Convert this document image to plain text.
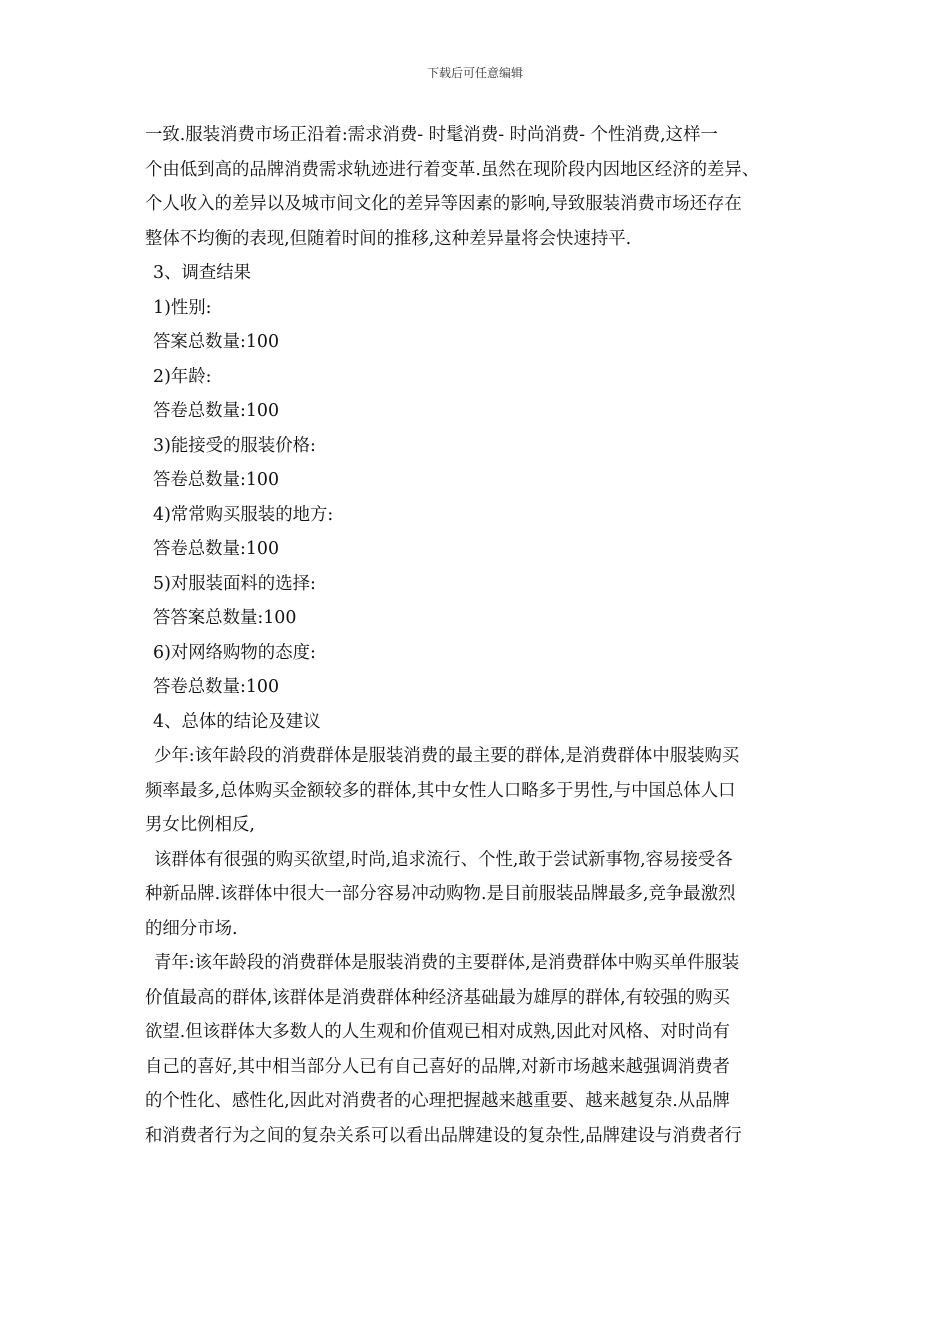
下载后可任意编辑
一致.服装消费市场正沿着:需求消费- 时髦消费- 时尚消费- 个性消费,这样一
个由低到高的品牌消费需求轨迹进行着变革.虽然在现阶段内因地区经济的差异、
个人收入的差异以及城市间文化的差异等因素的影响,导致服装消费市场还存在
整体不均衡的表现,但随着时间的推移,这种差异量将会快速持平.
3、调查结果
1)性别:
答案总数量:100
2)年龄:
答卷总数量:100
3)能接受的服装价格:
答卷总数量:100
4)常常购买服装的地方:
答卷总数量:100
5)对服装面料的选择:
答答案总数量:100
6)对网络购物的态度:
答卷总数量:100
4、总体的结论及建议
少年:该年龄段的消费群体是服装消费的最主要的群体,是消费群体中服装购买
频率最多,总体购买金额较多的群体,其中女性人口略多于男性,与中国总体人口
男女比例相反,
该群体有很强的购买欲望,时尚,追求流行、个性,敢于尝试新事物,容易接受各
种新品牌.该群体中很大一部分容易冲动购物.是目前服装品牌最多,竞争最激烈
的细分市场.
青年:该年龄段的消费群体是服装消费的主要群体,是消费群体中购买单件服装
价值最高的群体,该群体是消费群体种经济基础最为雄厚的群体,有较强的购买
欲望.但该群体大多数人的人生观和价值观已相对成熟,因此对风格、对时尚有
自己的喜好,其中相当部分人已有自己喜好的品牌,对新市场越来越强调消费者
的个性化、感性化,因此对消费者的心理把握越来越重要、越来越复杂.从品牌
和消费者行为之间的复杂关系可以看出品牌建设的复杂性,品牌建设与消费者行
